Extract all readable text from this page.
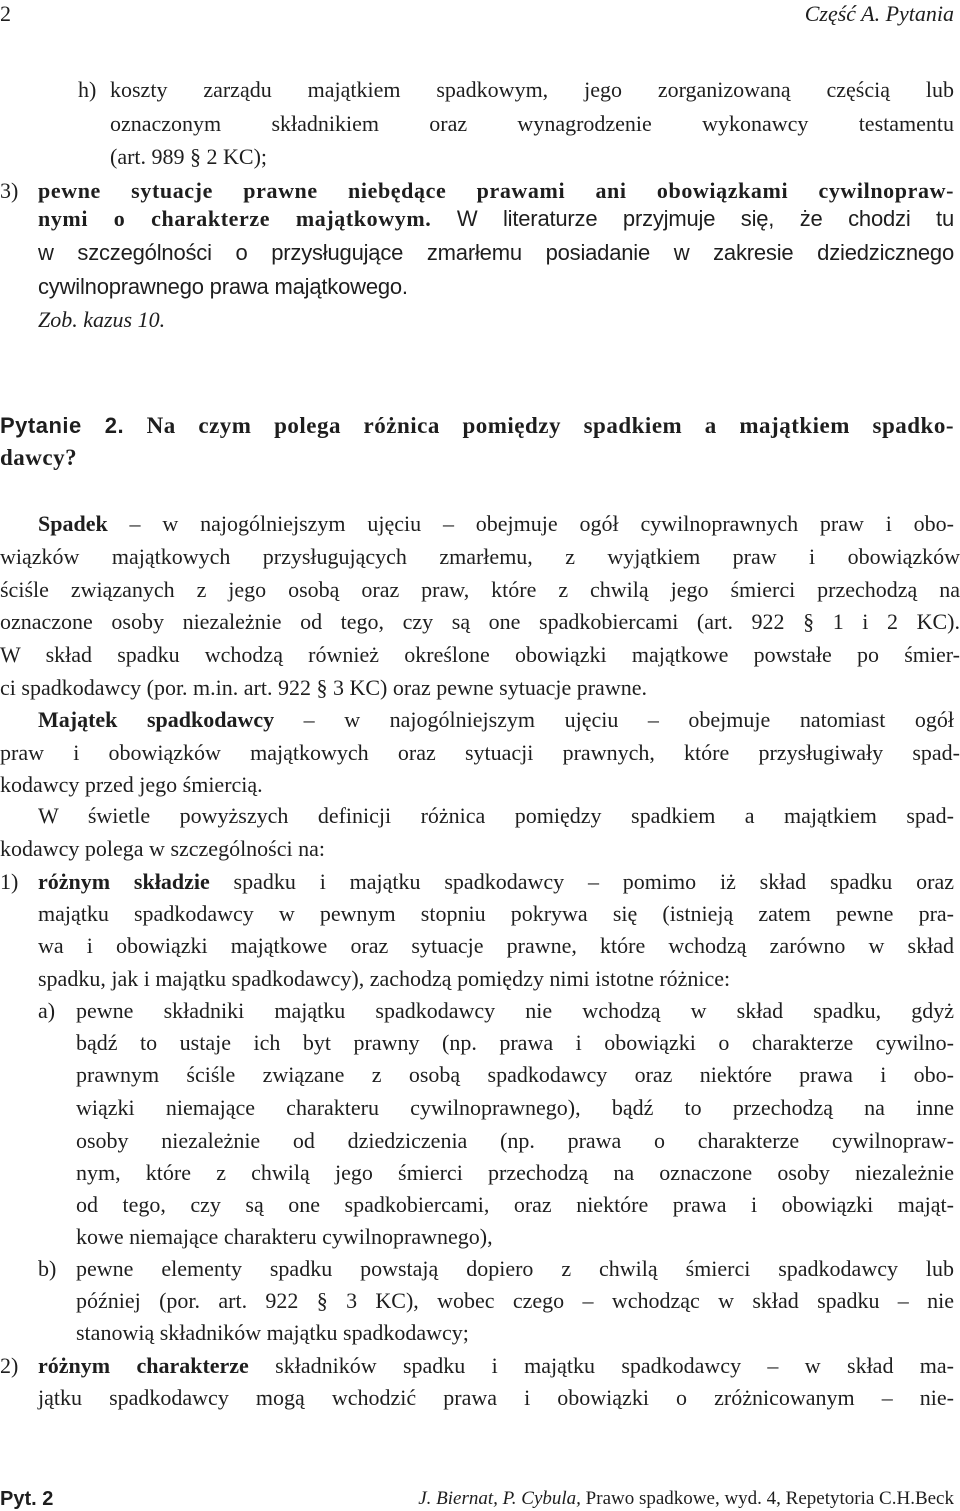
2	Część A. Pytania
h) koszty zarządu majątkiem spadkowym, jego zorganizowaną częścią lub
oznaczonym składnikiem oraz wynagrodzenie wykonawcy testamentu
(art. 989 § 2 KC);
3) pewne sytuacje prawne niebędące prawami ani obowiązkami cywilnopraw-
nymi o charakterze majątkowym. W literaturze przyjmuje się, że chodzi tu
w szczególności o przysługujące zmarłemu posiadanie w zakresie dziedzicznego
cywilnoprawnego prawa majątkowego.
Zob. kazus 10.
Pytanie 2. Na czym polega różnica pomiędzy spadkiem a majątkiem spadko-
dawcy?
Spadek – w najogólniejszym ujęciu – obejmuje ogół cywilnoprawnych praw i obo-
wiązków majątkowych przysługujących zmarłemu, z wyjątkiem praw i obowiązków
ściśle związanych z jego osobą oraz praw, które z chwilą jego śmierci przechodzą na
oznaczone osoby niezależnie od tego, czy są one spadkobiercami (art. 922 § 1 i 2 KC).
W skład spadku wchodzą również określone obowiązki majątkowe powstałe po śmier-
ci spadkodawcy (por. m.in. art. 922 § 3 KC) oraz pewne sytuacje prawne.
Majątek spadkodawcy – w najogólniejszym ujęciu – obejmuje natomiast ogół
praw i obowiązków majątkowych oraz sytuacji prawnych, które przysługiwały spad-
kodawcy przed jego śmiercią.
W świetle powyższych definicji różnica pomiędzy spadkiem a majątkiem spad-
kodawcy polega w szczególności na:
1) różnym składzie spadku i majątku spadkodawcy – pomimo iż skład spadku oraz
majątku spadkodawcy w pewnym stopniu pokrywa się (istnieją zatem pewne pra-
wa i obowiązki majątkowe oraz sytuacje prawne, które wchodzą zarówno w skład
spadku, jak i majątku spadkodawcy), zachodzą pomiędzy nimi istotne różnice:
a) pewne składniki majątku spadkodawcy nie wchodzą w skład spadku, gdyż
bądź to ustaje ich byt prawny (np. prawa i obowiązki o charakterze cywilno-
prawnym ściśle związane z osobą spadkodawcy oraz niektóre prawa i obo-
wiązki niemające charakteru cywilnoprawnego), bądź to przechodzą na inne
osoby niezależnie od dziedziczenia (np. prawa o charakterze cywilnopraw-
nym, które z chwilą jego śmierci przechodzą na oznaczone osoby niezależnie
od tego, czy są one spadkobiercami, oraz niektóre prawa i obowiązki mająt-
kowe niemające charakteru cywilnoprawnego),
b) pewne elementy spadku powstają dopiero z chwilą śmierci spadkodawcy lub
później (por. art. 922 § 3 KC), wobec czego – wchodząc w skład spadku – nie
stanowią składników majątku spadkodawcy;
2) różnym charakterze składników spadku i majątku spadkodawcy – w skład ma-
jątku spadkodawcy mogą wchodzić prawa i obowiązki o zróżnicowanym – nie-
Pyt. 2	J. Biernat, P. Cybula, Prawo spadkowe, wyd. 4, Repetytoria C.H.Beck
